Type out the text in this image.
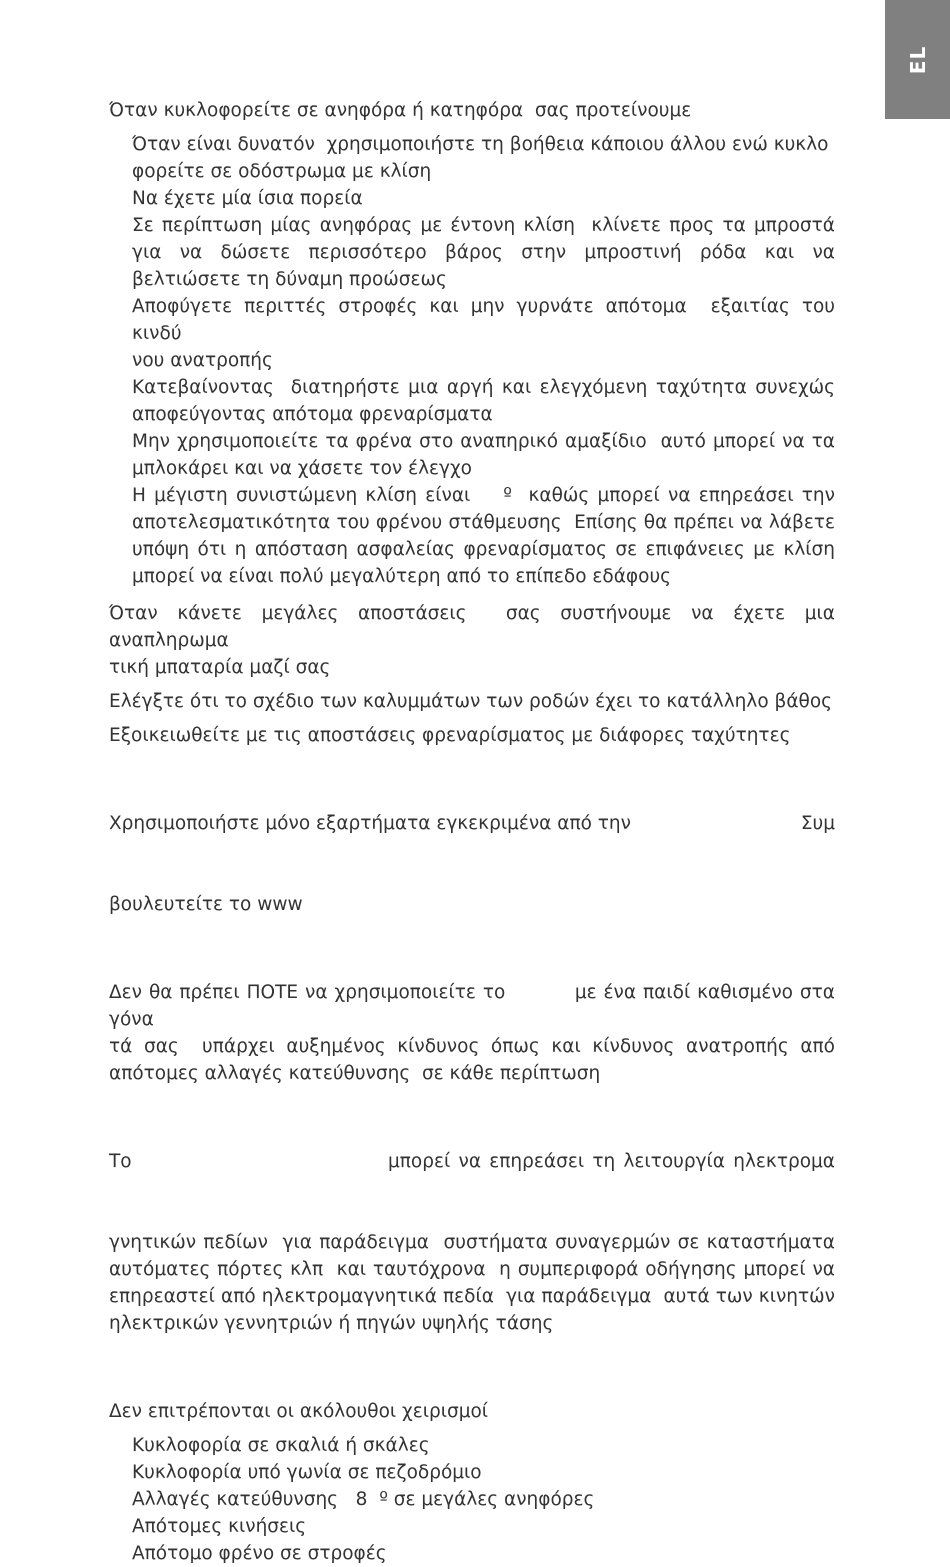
EL

Όταν κυκλοφορείτε σε ανηφόρα ή κατηφόρα  σας προτείνουμε

Όταν είναι δυνατόν  χρησιμοποιήστε τη βοήθεια κάποιου άλλου ενώ κυκλο
φορείτε σε οδόστρωμα με κλίση

Να έχετε μία ίσια πορεία

Σε περίπτωση μίας ανηφόρας με έντονη κλίση  κλίνετε προς τα μπροστά για να δώσετε περισσότερο βάρος στην μπροστινή ρόδα και να βελτιώσετε τη δύναμη προώσεως

Αποφύγετε περιττές στροφές και μην γυρνάτε απότομα  εξαιτίας του κινδύ
νου ανατροπής

Κατεβαίνοντας  διατηρήστε μια αργή και ελεγχόμενη ταχύτητα συνεχώς αποφεύγοντας απότομα φρεναρίσματα

Μην χρησιμοποιείτε τα φρένα στο αναπηρικό αμαξίδιο  αυτό μπορεί να τα μπλοκάρει και να χάσετε τον έλεγχο

Η μέγιστη συνιστώμενη κλίση είναι    º  καθώς μπορεί να επηρεάσει την αποτελεσματικότητα του φρένου στάθμευσης  Επίσης θα πρέπει να λάβετε υπόψη ότι η απόσταση ασφαλείας φρεναρίσματος σε επιφάνειες με κλίση μπορεί να είναι πολύ μεγαλύτερη από το επίπεδο εδάφους

Όταν κάνετε μεγάλες αποστάσεις  σας συστήνουμε να έχετε μια αναπληρωμα
τική μπαταρία μαζί σας

Ελέγξτε ότι το σχέδιο των καλυμμάτων των ροδών έχει το κατάλληλο βάθος

Εξοικειωθείτε με τις αποστάσεις φρεναρίσματος με διάφορες ταχύτητες

Χρησιμοποιήστε μόνο εξαρτήματα εγκεκριμένα από την	Συμ

βουλευτείτε το www

Δεν θα πρέπει ΠΟΤΕ να χρησιμοποιείτε το          με ένα παιδί καθισμένο στα γόνα
τά σας  υπάρχει αυξημένος κίνδυνος όπως και κίνδυνος ανατροπής από απότομες αλλαγές κατεύθυνσης  σε κάθε περίπτωση

Το	μπορεί να επηρεάσει τη λειτουργία ηλεκτρομα

γνητικών πεδίων  για παράδειγμα  συστήματα συναγερμών σε καταστήματα αυτόματες πόρτες κλπ  και ταυτόχρονα  η συμπεριφορά οδήγησης μπορεί να επηρεαστεί από ηλεκτρομαγνητικά πεδία  για παράδειγμα  αυτά των κινητών ηλεκτρικών γεννητριών ή πηγών υψηλής τάσης

Δεν επιτρέπονται οι ακόλουθοι χειρισμοί

Κυκλοφορία σε σκαλιά ή σκάλες

Κυκλοφορία υπό γωνία σε πεζοδρόμιο

Αλλαγές κατεύθυνσης   8  º σε μεγάλες ανηφόρες

Απότομες κινήσεις

Απότομο φρένο σε στροφές
